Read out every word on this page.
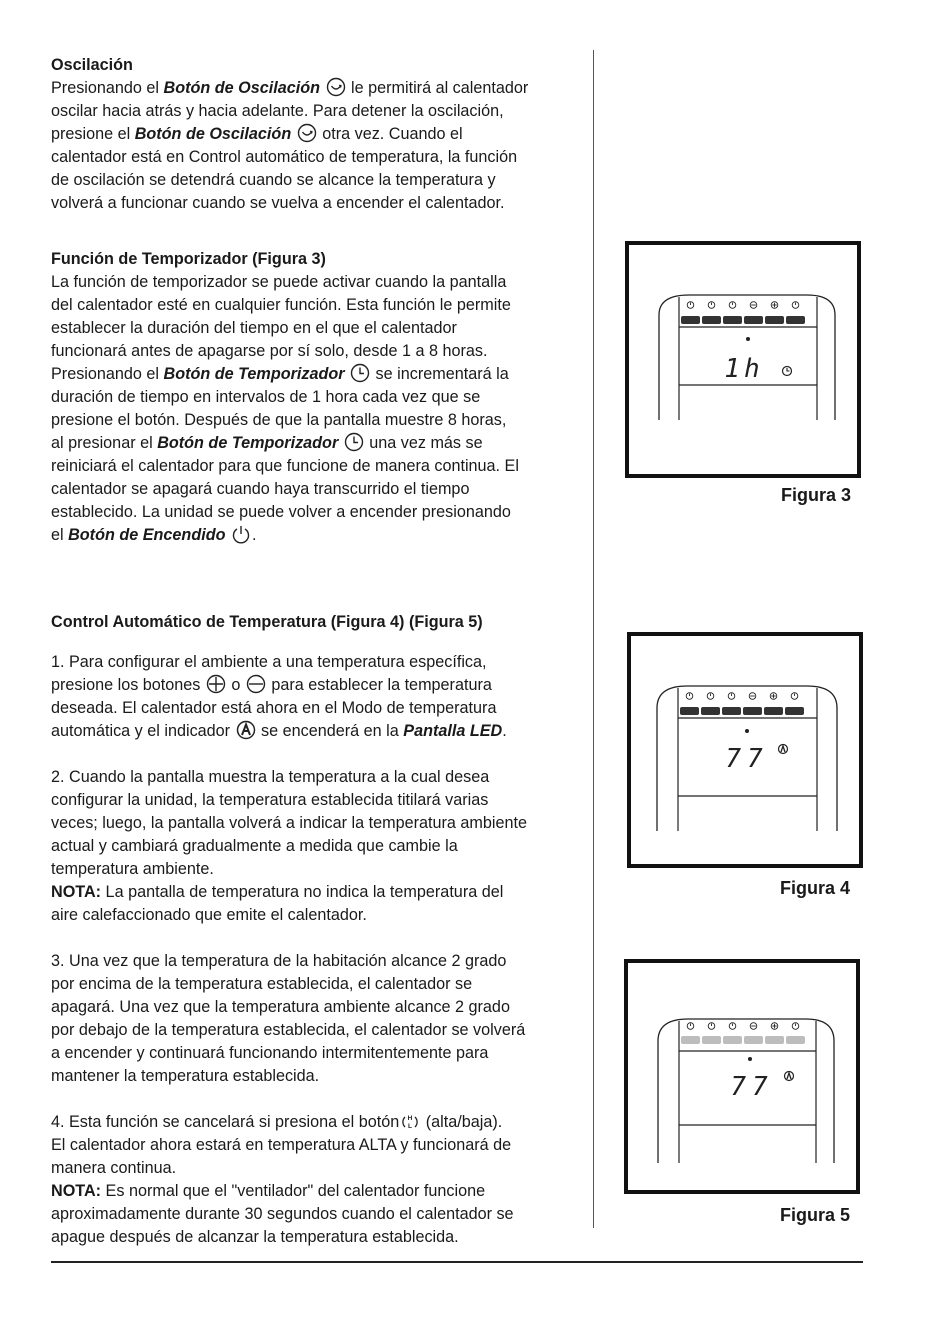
Oscilación

Presionando el Botón de Oscilación
le permitirá al calentador

oscilar hacia atrás y hacia adelante. Para detener la oscilación,

presione el Botón de Oscilación
otra vez. Cuando el

calentador está en Control automático de temperatura, la función

de oscilación se detendrá cuando se alcance la temperatura y

volverá a funcionar cuando se vuelva a encender el calentador.

Función de Temporizador (Figura 3)

La función de temporizador se puede activar cuando la pantalla

del calentador esté en cualquier función. Esta función le permite

establecer la duración del tiempo en el que el calentador

funcionará antes de apagarse por sí solo, desde 1 a 8 horas.

Presionando el Botón de Temporizador
se incrementará la

duración de tiempo en intervalos de 1 hora cada vez que se

presione el botón. Después de que la pantalla muestre 8 horas,

al presionar el Botón de Temporizador
una vez más se

reiniciará el calentador para que funcione de manera continua. El

calentador se apagará cuando haya transcurrido el tiempo

establecido. La unidad se puede volver a encender presionando

el Botón de Encendido .

Control Automático de Temperatura (Figura 4) (Figura 5)

1. Para configurar el ambiente a una temperatura específica,

presione los botones
o
para establecer la temperatura

deseada. El calentador está ahora en el Modo de temperatura

automática y el indicador
se encenderá en la Pantalla LED.

2. Cuando la pantalla muestra la temperatura a la cual desea

configurar la unidad, la temperatura establecida titilará varias

veces; luego, la pantalla volverá a indicar la temperatura ambiente

actual y cambiará gradualmente a medida que cambie la

temperatura ambiente.

NOTA: La pantalla de temperatura no indica la temperatura del

aire calefaccionado que emite el calentador.

3. Una vez que la temperatura de la habitación alcance 2 grado

por encima de la temperatura establecida, el calentador se

apagará. Una vez que la temperatura ambiente alcance 2 grado

por debajo de la temperatura establecida, el calentador se volverá

a encender y continuará funcionando intermitentemente para

mantener la temperatura establecida.

4. Esta función se cancelará si presiona el botón H
L (alta/baja).

El calentador ahora estará en temperatura ALTA y funcionará de

manera continua.

NOTA: Es normal que el "ventilador" del calentador funcione

aproximadamente durante 30 segundos cuando el calentador se

apague después de alcanzar la temperatura establecida.

1h
Figura 3
77
Figura 4
77
Figura 5
